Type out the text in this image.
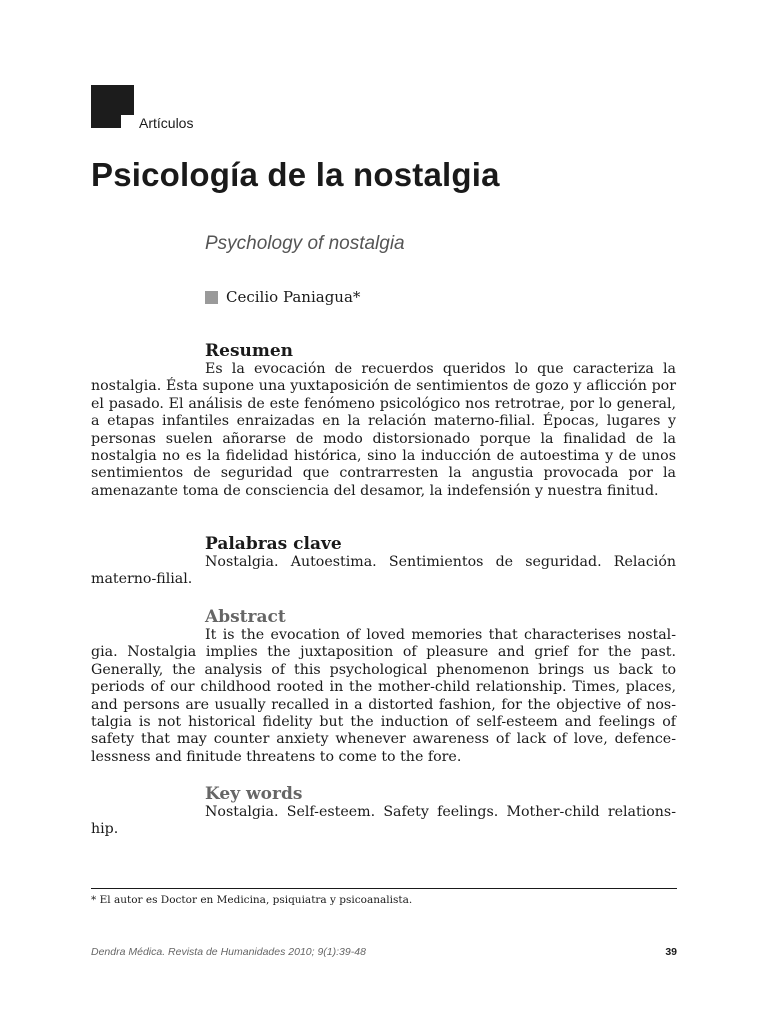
Artículos
Psicología de la nostalgia
Psychology of nostalgia
Cecilio Paniagua*
Resumen

Es la evocación de recuerdos queridos lo que caracteriza la nostalgia. Ésta supone una yuxtaposición de sentimientos de gozo y aflicción por el pasado. El análisis de este fenómeno psicológico nos retrotrae, por lo general, a etapas infantiles enraizadas en la relación materno-filial. Épocas, lugares y personas suelen añorarse de modo distorsionado porque la finalidad de la nostalgia no es la fidelidad histórica, sino la inducción de autoestima y de unos sentimientos de seguridad que contrarresten la angustia provocada por la amenazante toma de consciencia del desamor, la indefensión y nuestra finitud.

Palabras clave

Nostalgia. Autoestima. Sentimientos de seguridad. Relación materno-filial.

Abstract

It is the evocation of loved memories that characterises nostalgia. Nostalgia implies the juxtaposition of pleasure and grief for the past. Generally, the analysis of this psychological phenomenon brings us back to periods of our childhood rooted in the mother-child relationship. Times, places, and persons are usually recalled in a distorted fashion, for the objective of nostalgia is not historical fidelity but the induction of self-esteem and feelings of safety that may counter anxiety whenever awareness of lack of love, defencelessness and finitude threatens to come to the fore.

Key words

Nostalgia. Self-esteem. Safety feelings. Mother-child relationship.

* El autor es Doctor en Medicina, psiquiatra y psicoanalista.
Dendra Médica. Revista de Humanidades 2010; 9(1):39-48	39
